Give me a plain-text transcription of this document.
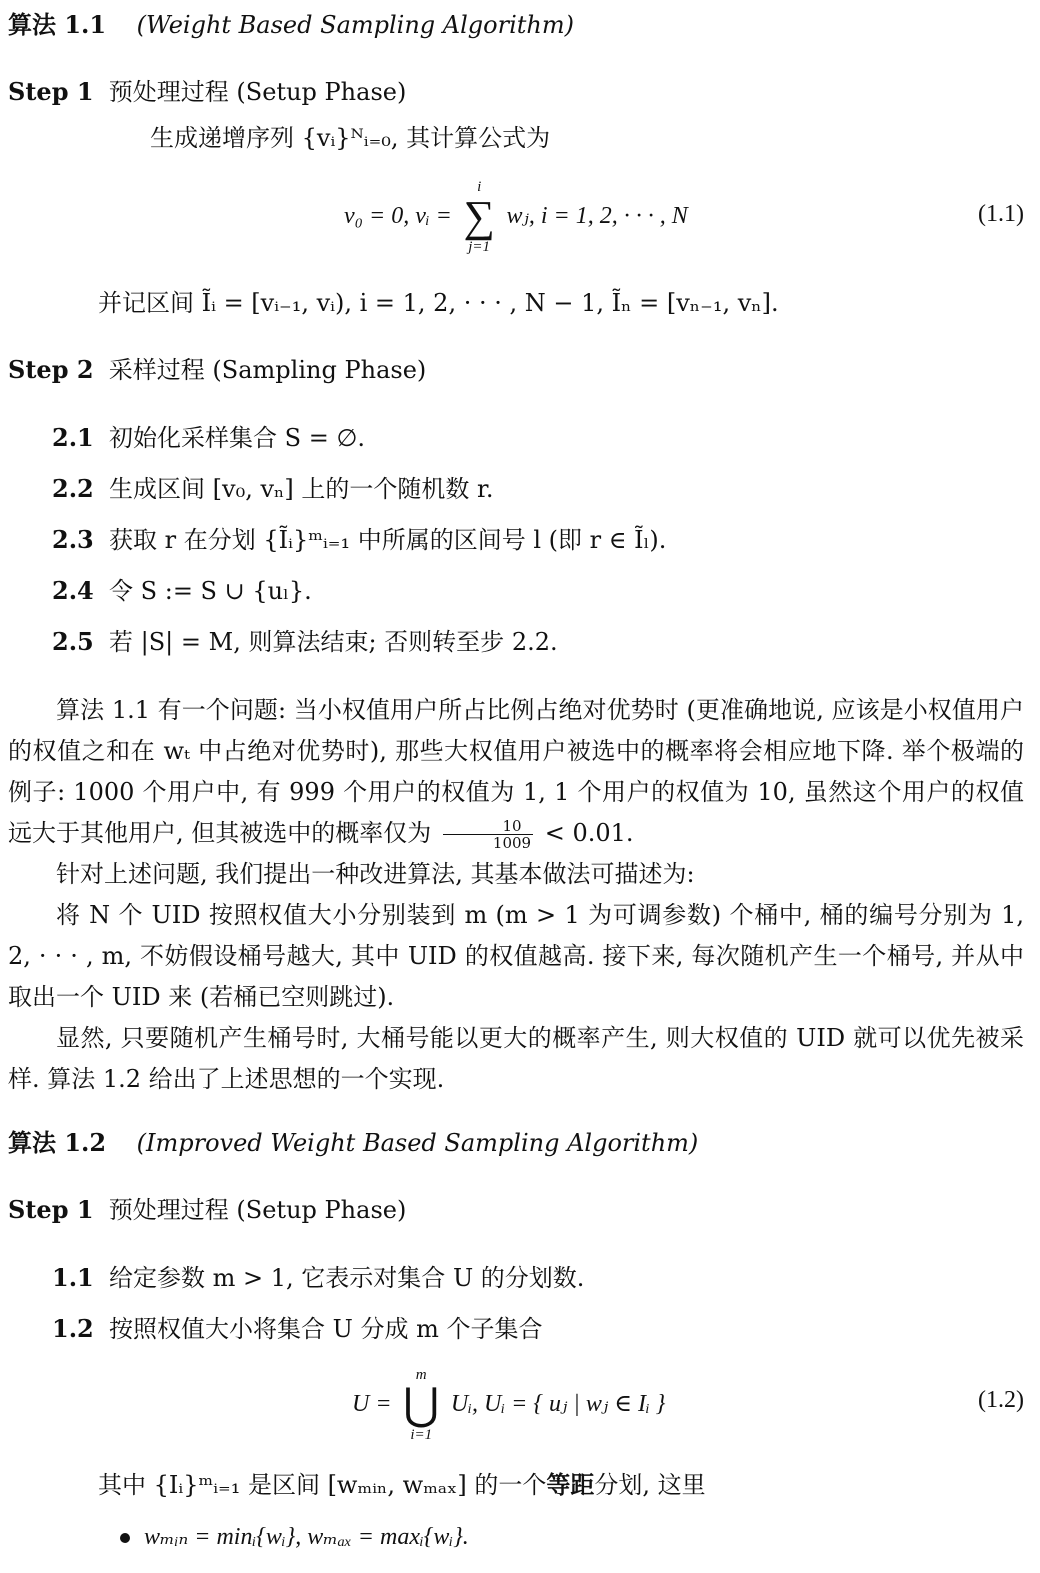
算法 1.1 (Weight Based Sampling Algorithm)
Step 1 预处理过程 (Setup Phase)
生成递增序列 {vᵢ}ᴺᵢ₌₀, 其计算公式为
v₀ = 0, vᵢ =
i
∑
j=1
wⱼ, i = 1, 2, · · · , N	(1.1)
并记区间 Ĩᵢ = [vᵢ₋₁, vᵢ), i = 1, 2, · · · , N − 1, Ĩₙ = [vₙ₋₁, vₙ].
Step 2 采样过程 (Sampling Phase)
2.1 初始化采样集合 S = ∅.
2.2 生成区间 [v₀, vₙ] 上的一个随机数 r.
2.3 获取 r 在分划 {Ĩᵢ}ᵐᵢ₌₁ 中所属的区间号 l (即 r ∈ Ĩₗ).
2.4 令 S := S ∪ {uₗ}.
2.5 若 |S| = M, 则算法结束; 否则转至步 2.2.
算法 1.1 有一个问题: 当小权值用户所占比例占绝对优势时 (更准确地说, 应该是小权值用户的权值之和在 wₜ 中占绝对优势时), 那些大权值用户被选中的概率将会相应地下降. 举个极端的例子: 1000 个用户中, 有 999 个用户的权值为 1, 1 个用户的权值为 10, 虽然这个用户的权值远大于其他用户, 但其被选中的概率仅为 $\frac{10}{1009} < 0.01$.
针对上述问题, 我们提出一种改进算法, 其基本做法可描述为:
将 N 个 UID 按照权值大小分别装到 m (m > 1 为可调参数) 个桶中, 桶的编号分别为 1, 2, · · · , m, 不妨假设桶号越大, 其中 UID 的权值越高. 接下来, 每次随机产生一个桶号, 并从中取出一个 UID 来 (若桶已空则跳过).
显然, 只要随机产生桶号时, 大桶号能以更大的概率产生, 则大权值的 UID 就可以优先被采样. 算法 1.2 给出了上述思想的一个实现.
算法 1.2 (Improved Weight Based Sampling Algorithm)
Step 1 预处理过程 (Setup Phase)
1.1 给定参数 m > 1, 它表示对集合 U 的分划数.
1.2 按照权值大小将集合 U 分成 m 个子集合
U =
m
⋃
i=1
Uᵢ, Uᵢ = { uⱼ | wⱼ ∈ Iᵢ }	(1.2)
其中 {Iᵢ}ᵐᵢ₌₁ 是区间 [wₘᵢₙ, wₘₐₓ] 的一个等距分划, 这里
wₘᵢₙ = minᵢ{wᵢ}, wₘₐₓ = maxᵢ{wᵢ}.
